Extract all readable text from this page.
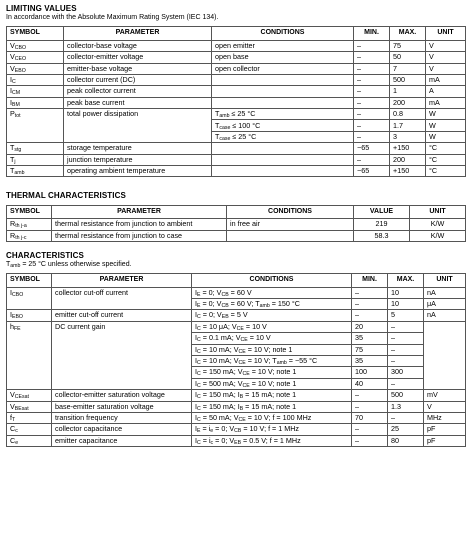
LIMITING VALUES
In accordance with the Absolute Maximum Rating System (IEC 134).
SYMBOL	PARAMETER	CONDITIONS	MIN.	MAX.	UNIT
$V_{CBO}$	collector-base voltage	open emitter	–	75	V
$V_{CEO}$	collector-emitter voltage	open base	–	50	V
$V_{EBO}$	emitter-base voltage	open collector	–	7	V
$I_C$	collector current (DC)		–	500	mA
$I_{CM}$	peak collector current		–	1	A
$I_{BM}$	peak base current		–	200	mA
$P_{tot}$	total power dissipation	$T_{amb} \le 25$ °C	–	0.8	W
		$T_{case} \le 100$ °C	–	1.7	W
		$T_{case} \le 25$ °C	–	3	W
$T_{stg}$	storage temperature		−65	+150	°C
$T_j$	junction temperature		–	200	°C
$T_{amb}$	operating ambient temperature		−65	+150	°C
THERMAL CHARACTERISTICS
SYMBOL	PARAMETER	CONDITIONS	VALUE	UNIT
$R_{th j-a}$	thermal resistance from junction to ambient	in free air	219	K/W
$R_{th j-c}$	thermal resistance from junction to case		58.3	K/W
CHARACTERISTICS
$T_{amb} = 25$ °C unless otherwise specified.
SYMBOL	PARAMETER	CONDITIONS	MIN.	MAX.	UNIT
$I_{CBO}$	collector cut-off current	$I_E = 0$; $V_{CB} = 60$ V	–	10	nA
		$I_E = 0$; $V_{CB} = 60$ V; $T_{amb} = 150$ °C	–	10	μA
$I_{EBO}$	emitter cut-off current	$I_C = 0$; $V_{EB} = 5$ V	–	5	nA
$h_{FE}$	DC current gain	$I_C = 10$ μA; $V_{CE} = 10$ V	20	–	
		$I_C = 0.1$ mA; $V_{CE} = 10$ V	35	–	
		$I_C = 10$ mA; $V_{CE} = 10$ V; note 1	75	–	
		$I_C = 10$ mA; $V_{CE} = 10$ V; $T_{amb} = -55$ °C	35	–	
		$I_C = 150$ mA; $V_{CE} = 10$ V; note 1	100	300	
		$I_C = 500$ mA; $V_{CE} = 10$ V; note 1	40	–	
$V_{CEsat}$	collector-emitter saturation voltage	$I_C = 150$ mA; $I_B = 15$ mA; note 1	–	500	mV
$V_{BEsat}$	base-emitter saturation voltage	$I_C = 150$ mA; $I_B = 15$ mA; note 1	–	1.3	V
$f_T$	transition frequency	$I_C = 50$ mA; $V_{CE} = 10$ V; f = 100 MHz	70	–	MHz
$C_c$	collector capacitance	$I_E = i_e = 0$; $V_{CB} = 10$ V; f = 1 MHz	–	25	pF
$C_e$	emitter capacitance	$I_C = i_c = 0$; $V_{EB} = 0.5$ V; f = 1 MHz	–	80	pF
